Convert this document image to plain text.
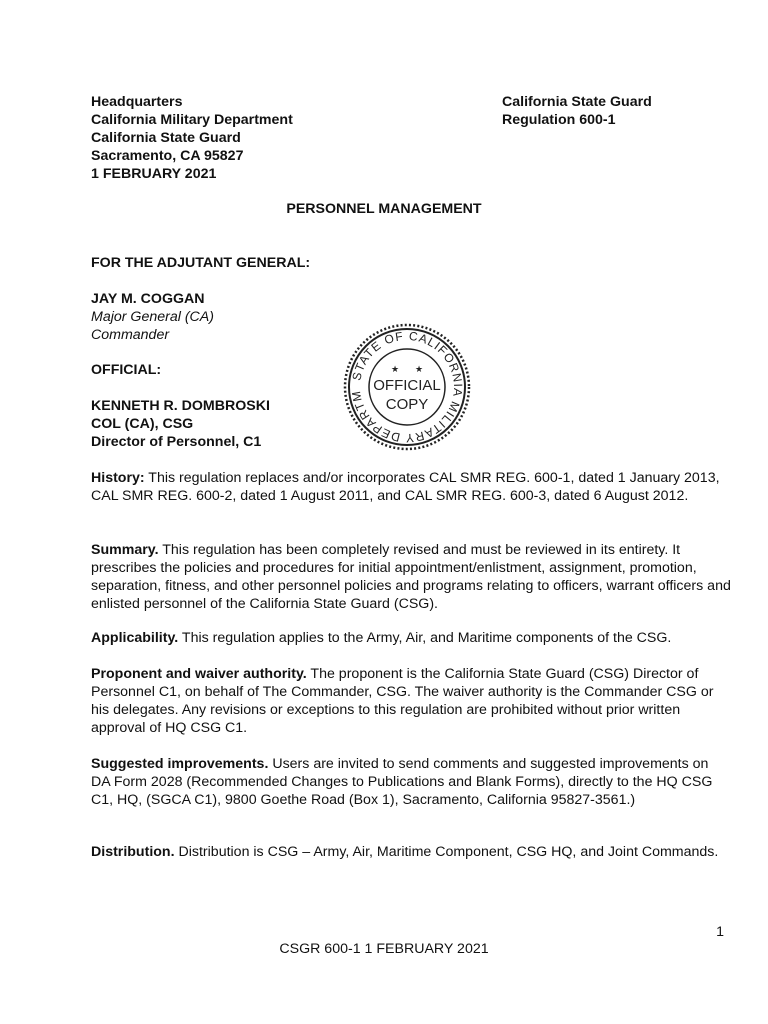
Headquarters
California Military Department
California State Guard
Sacramento, CA 95827
1 FEBRUARY 2021
California State Guard
Regulation 600-1
PERSONNEL MANAGEMENT
FOR THE ADJUTANT GENERAL:
JAY M. COGGAN
Major General (CA)
Commander
OFFICIAL:
KENNETH R. DOMBROSKI
COL (CA), CSG
Director of Personnel, C1
STATE OF CALIFORNIA MILITARY DEPARTM
★ ★
OFFICIAL
COPY
History: This regulation replaces and/or incorporates CAL SMR REG. 600-1, dated 1 January 2013, CAL SMR REG. 600-2, dated 1 August 2011, and CAL SMR REG. 600-3, dated 6 August 2012.
Summary. This regulation has been completely revised and must be reviewed in its entirety. It prescribes the policies and procedures for initial appointment/enlistment, assignment, promotion, separation, fitness, and other personnel policies and programs relating to officers, warrant officers and enlisted personnel of the California State Guard (CSG).
Applicability. This regulation applies to the Army, Air, and Maritime components of the CSG.
Proponent and waiver authority. The proponent is the California State Guard (CSG) Director of Personnel C1, on behalf of The Commander, CSG. The waiver authority is the Commander CSG or his delegates. Any revisions or exceptions to this regulation are prohibited without prior written approval of HQ CSG C1.
Suggested improvements. Users are invited to send comments and suggested improvements on DA Form 2028 (Recommended Changes to Publications and Blank Forms), directly to the HQ CSG C1, HQ, (SGCA C1), 9800 Goethe Road (Box 1), Sacramento, California 95827-3561.)
Distribution. Distribution is CSG – Army, Air, Maritime Component, CSG HQ, and Joint Commands.
1
CSGR 600-1 1 FEBRUARY 2021
